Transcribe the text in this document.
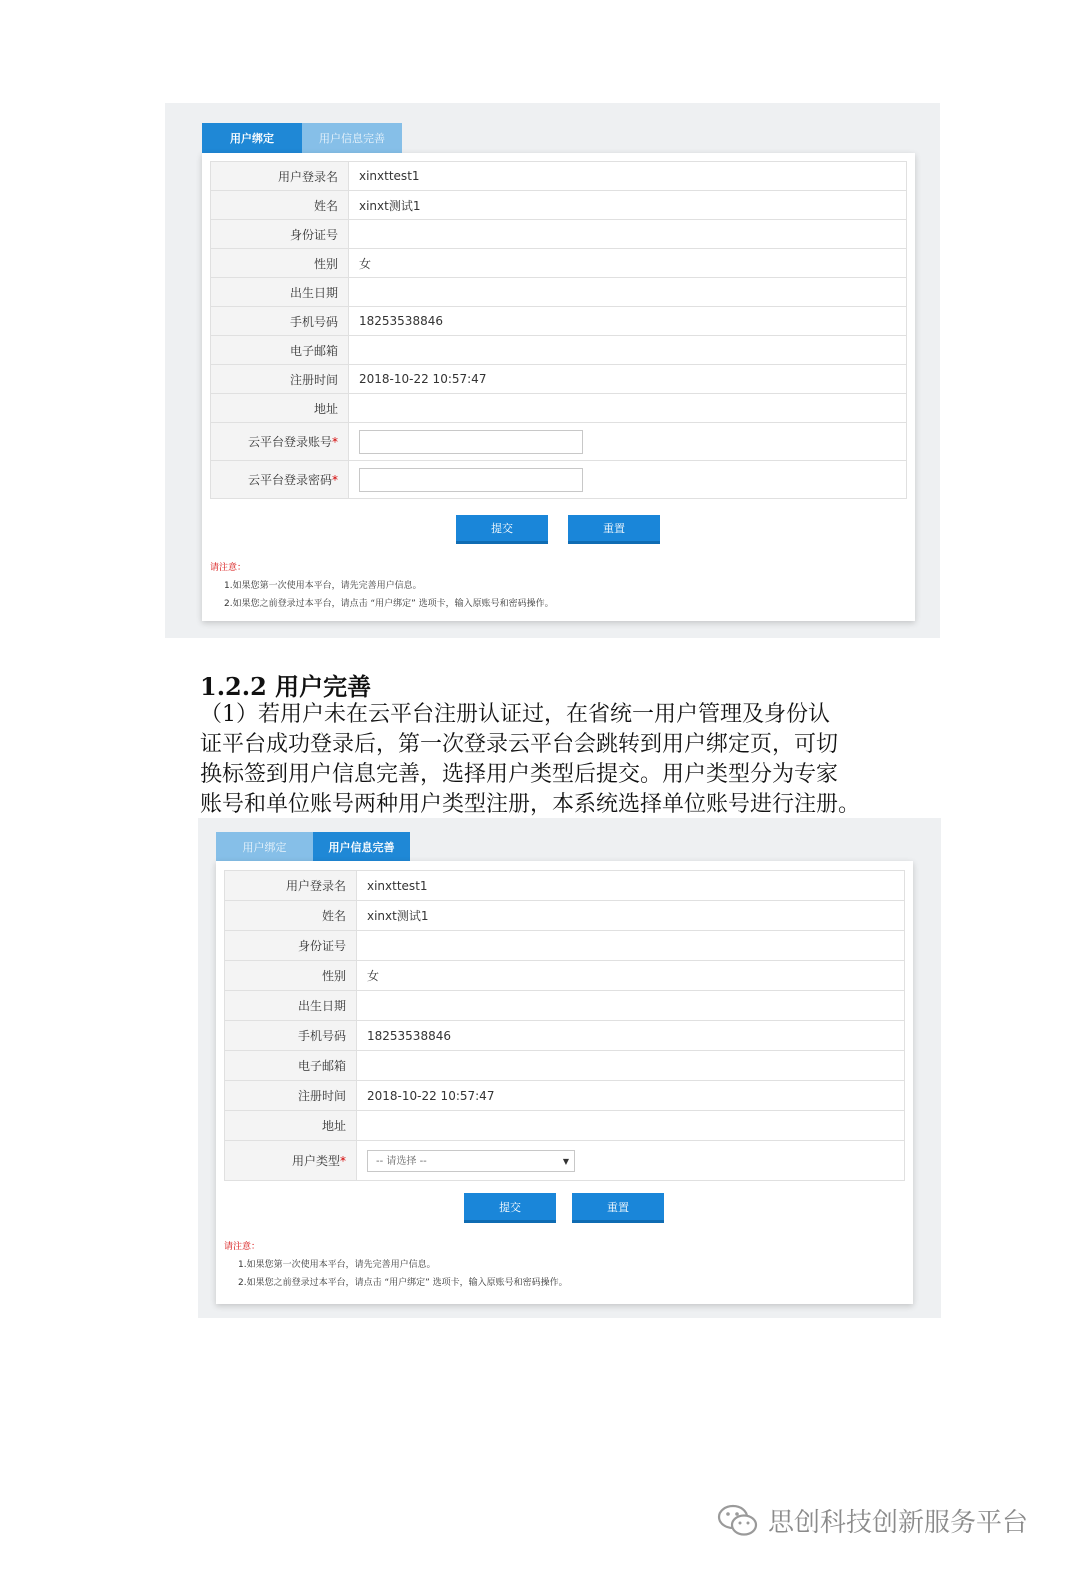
用户绑定	用户信息完善
用户登录名	xinxttest1
姓名	xinxt测试1
身份证号	
性别	女
出生日期	
手机号码	18253538846
电子邮箱	
注册时间	2018-10-22 10:57:47
地址	
云平台登录账号*	
云平台登录密码*	
提交	重置
请注意：
1.如果您第一次使用本平台，请先完善用户信息。
2.如果您之前登录过本平台，请点击 “用户绑定” 选项卡，输入原账号和密码操作。
1.2.2 用户完善
（1）若用户未在云平台注册认证过，在省统一用户管理及身份认
证平台成功登录后，第一次登录云平台会跳转到用户绑定页，可切
换标签到用户信息完善，选择用户类型后提交。用户类型分为专家
账号和单位账号两种用户类型注册，本系统选择单位账号进行注册。
用户绑定	用户信息完善
用户登录名	xinxttest1
姓名	xinxt测试1
身份证号	
性别	女
出生日期	
手机号码	18253538846
电子邮箱	
注册时间	2018-10-22 10:57:47
地址	
用户类型*	-- 请选择 -- ▼
提交	重置
请注意：
1.如果您第一次使用本平台，请先完善用户信息。
2.如果您之前登录过本平台，请点击 “用户绑定” 选项卡，输入原账号和密码操作。
思创科技创新服务平台
